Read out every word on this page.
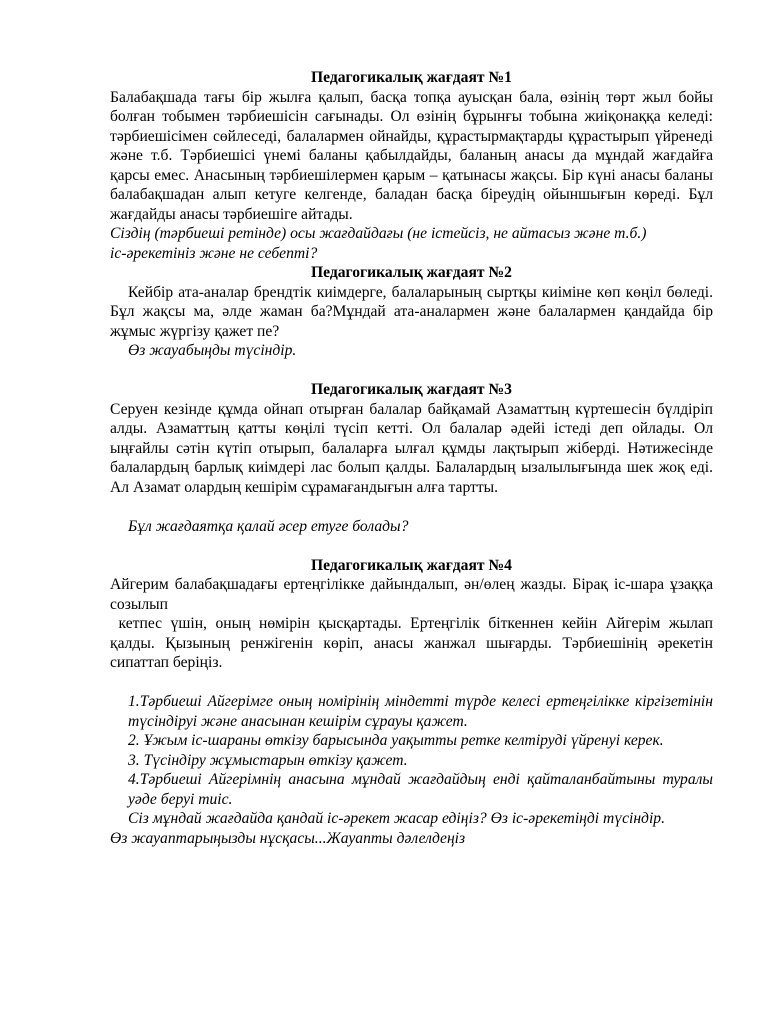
Педагогикалық жағдаят №1

Балабақшада тағы бір жылға қалып, басқа топқа ауысқан бала, өзінің төрт жыл бойы болған тобымен тәрбиешісін сағынады. Ол өзінің бұрынғы тобына жиіқонаққа келеді: тәрбиешісімен сөйлеседі, балалармен ойнайды, құрастырмақтарды құрастырып үйренеді және т.б. Тәрбиешісі үнемі баланы қабылдайды, баланың анасы да мұндай жағдайға қарсы емес. Анасының тәрбиешілермен қарым – қатынасы жақсы. Бір күні анасы баланы балабақшадан алып кетуге келгенде, баладан басқа біреудің ойыншығын көреді. Бұл жағдайды анасы тәрбиешіге айтады.

Сіздің (тәрбиеші ретінде) осы жағдайдағы (не істейсіз, не айтасыз және т.б.)

іс-әрекетініз және не себепті?

Педагогикалық жағдаят №2

Кейбір ата-аналар брендтік киімдерге, балаларының сыртқы киіміне көп көңіл бөледі. Бұл жақсы ма, әлде жаман ба?Мұндай ата-аналармен және балалармен қандайда бір жұмыс жүргізу қажет пе?

Өз жауабыңды түсіндір.

Педагогикалық жағдаят №3

Серуен кезінде құмда ойнап отырған балалар байқамай Азаматтың күртешесін бүлдіріп алды. Азаматтың қатты көңілі түсіп кетті. Ол балалар әдейі істеді деп ойлады. Ол ыңғайлы сәтін күтіп отырып, балаларға ылғал құмды лақтырып жіберді. Нәтижесінде балалардың барлық киімдері лас болып қалды. Балалардың ызалылығында шек жоқ еді. Ал Азамат олардың кешірім сұрамағандығын алға тартты.

Бұл жағдаятқа қалай әсер етуге болады?

Педагогикалық жағдаят №4

Айгерим балабақшадағы ертеңгілікке дайындалып, ән/өлең жазды. Бірақ іс-шара ұзаққа созылып

кетпес үшін, оның нөмірін қысқартады. Ертеңгілік біткеннен кейін Айгерім жылап қалды. Қызының ренжігенін көріп, анасы жанжал шығарды. Тәрбиешінің әрекетін сипаттап беріңіз.

1.Тәрбиеші Айгерімге оның номірінің міндетті түрде келесі ертеңгілікке кіргізетінін түсіндіруі және анасынан кешірім сұрауы қажет.

2. Ұжым іс-шараны өткізу барысында уақытты ретке келтіруді үйренуі керек.

3. Түсіндіру жұмыстарын өткізу қажет.

4.Тәрбиеші Айгерімнің анасына мұндай жағдайдың енді қайталанбайтыны туралы уәде беруі тиіс.

Сіз мұндай жағдайда қандай іс-әрекет жасар едіңіз? Өз іс-әрекетіңді түсіндір.

Өз жауаптарыңызды нұсқасы...Жауапты дәлелдеңіз
